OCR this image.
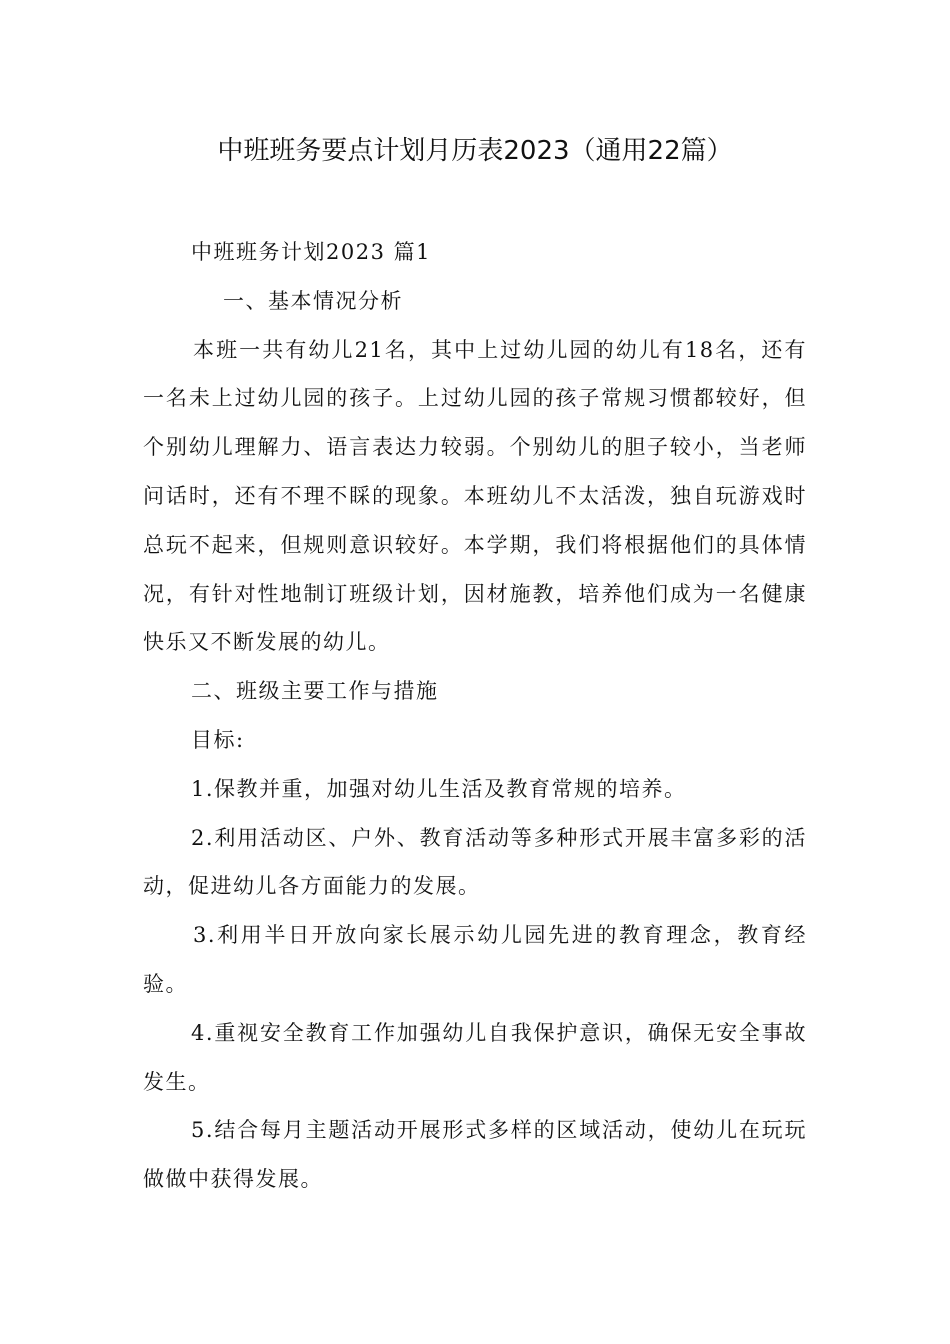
中班班务要点计划月历表2023（通用22篇）

中班班务计划2023 篇1

一、基本情况分析

本班一共有幼儿21名，其中上过幼儿园的幼儿有18名，还有一名未上过幼儿园的孩子。上过幼儿园的孩子常规习惯都较好，但个别幼儿理解力、语言表达力较弱。个别幼儿的胆子较小，当老师问话时，还有不理不睬的现象。本班幼儿不太活泼，独自玩游戏时总玩不起来，但规则意识较好。本学期，我们将根据他们的具体情况，有针对性地制订班级计划，因材施教，培养他们成为一名健康快乐又不断发展的幼儿。

二、班级主要工作与措施

目标:

1.保教并重，加强对幼儿生活及教育常规的培养。

2.利用活动区、户外、教育活动等多种形式开展丰富多彩的活动，促进幼儿各方面能力的发展。

3.利用半日开放向家长展示幼儿园先进的教育理念，教育经验。

4.重视安全教育工作加强幼儿自我保护意识，确保无安全事故发生。

5.结合每月主题活动开展形式多样的区域活动，使幼儿在玩玩做做中获得发展。
